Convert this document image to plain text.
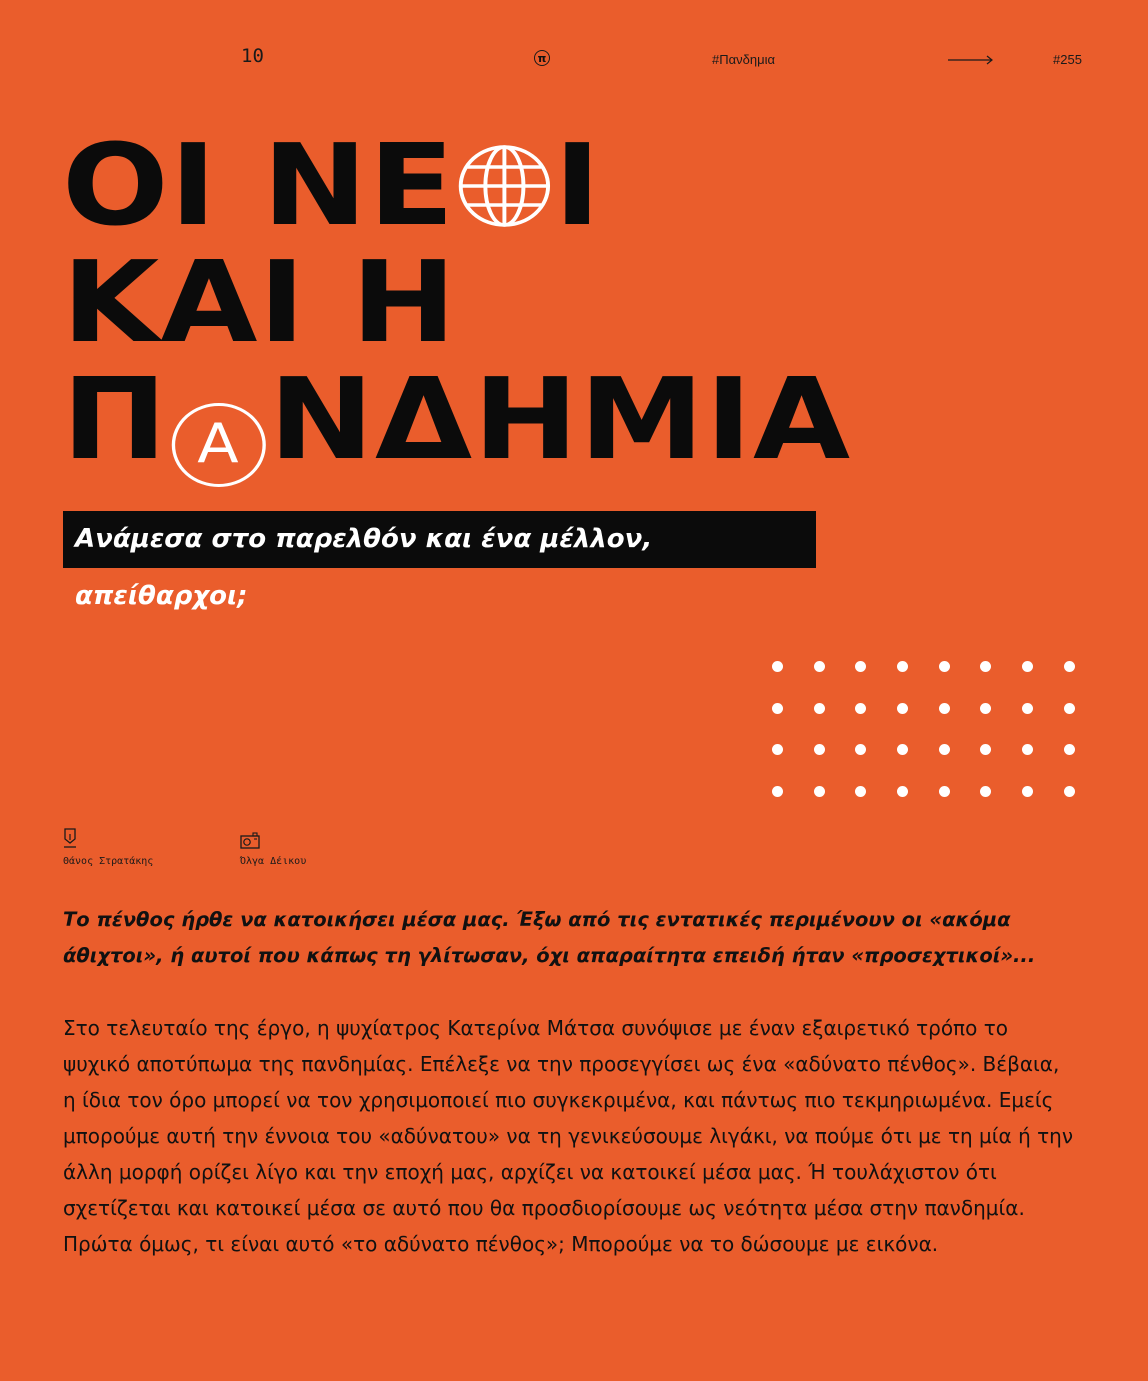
10	π	#Πανδημια	#255
ΟΙ ΝΕ Ι
ΚΑΙ Η
Π Α ΝΔΗΜΙΑ
Ανάμεσα στο παρελθόν και ένα μέλλον, απείθαρχοι;
Θάνος Στρατάκης	Όλγα Δέικου

Το πένθος ήρθε να κατοικήσει μέσα μας. Έξω από τις εντατικές περιμένουν οι «ακόμα άθιχτοι», ή αυτοί που κάπως τη γλίτωσαν, όχι απαραίτητα επειδή ήταν «προσεχτικοί»...

Στο τελευταίο της έργο, η ψυχίατρος Κατερίνα Μάτσα συνόψισε με έναν εξαιρετικό τρόπο το ψυχικό αποτύπωμα της πανδημίας. Επέλεξε να την προσεγγίσει ως ένα «αδύνατο πένθος». Βέβαια, η ίδια τον όρο μπορεί να τον χρησιμοποιεί πιο συγκεκριμένα, και πάντως πιο τεκμηριωμένα. Εμείς μπορούμε αυτή την έννοια του «αδύνατου» να τη γενικεύσουμε λιγάκι, να πούμε ότι με τη μία ή την άλλη μορφή ορίζει λίγο και την εποχή μας, αρχίζει να κατοικεί μέσα μας. Ή τουλάχιστον ότι σχετίζεται και κατοικεί μέσα σε αυτό που θα προσδιορίσουμε ως νεότητα μέσα στην πανδημία. Πρώτα όμως, τι είναι αυτό «το αδύνατο πένθος»; Μπορούμε να το δώσουμε με εικόνα.
